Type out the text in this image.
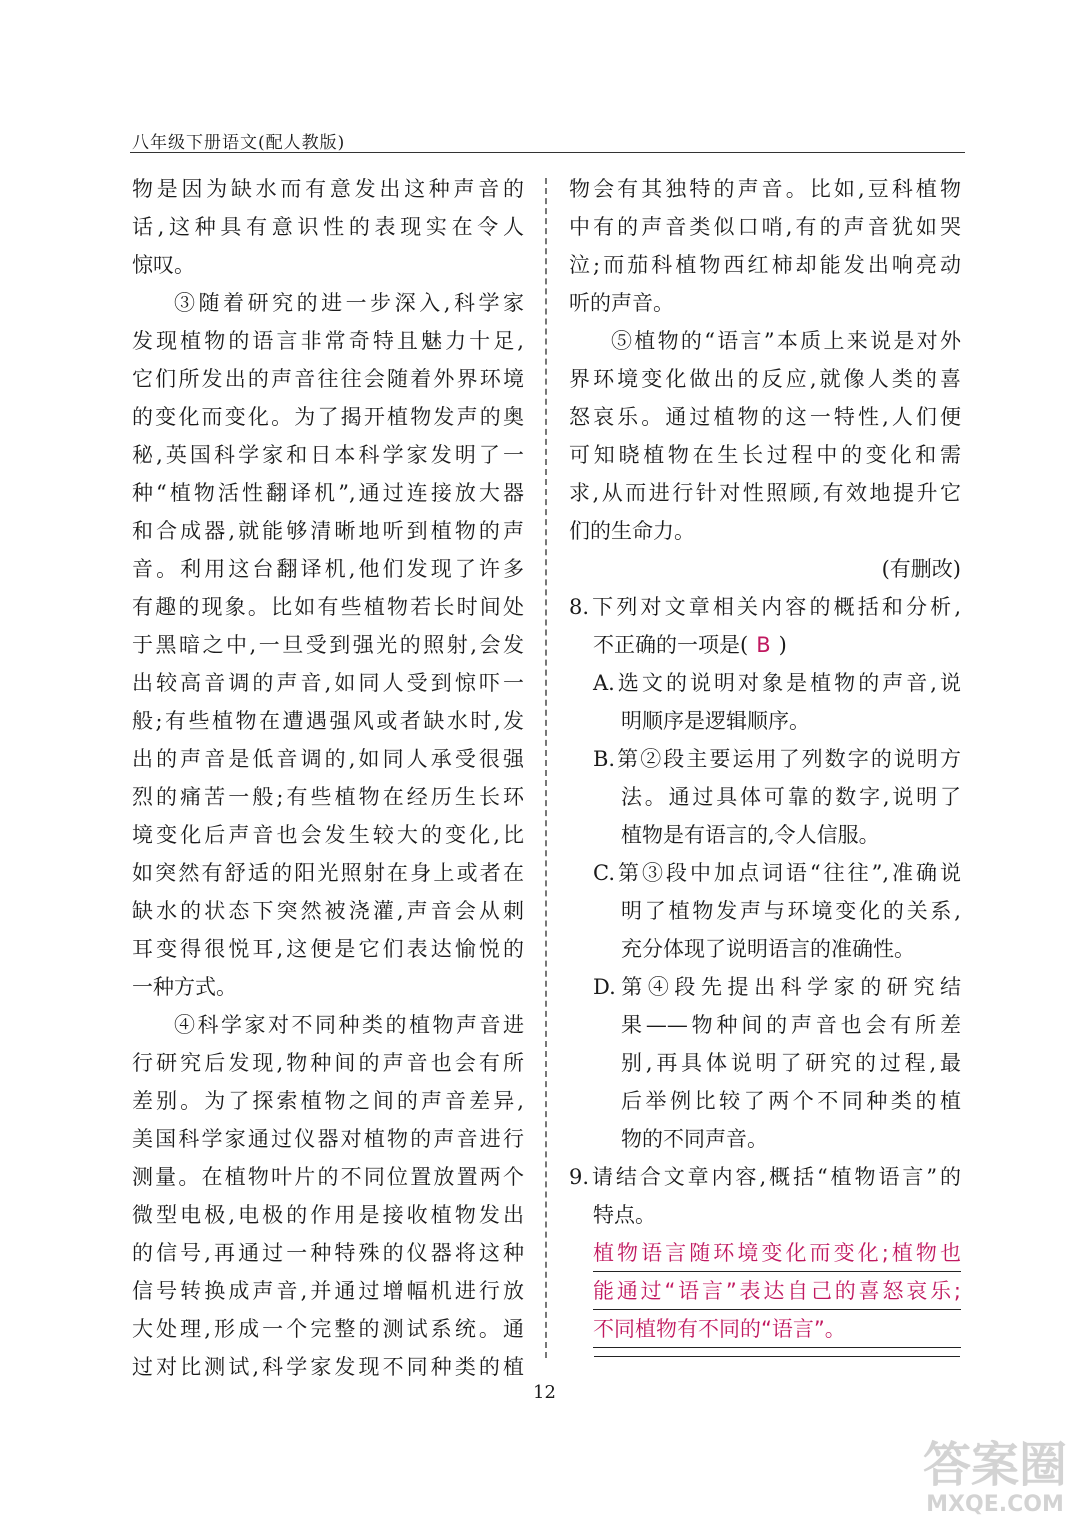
八年级下册语文(配人教版)
物是因为缺水而有意发出这种声音的
话,这种具有意识性的表现实在令人
惊叹。
③随着研究的进一步深入,科学家
发现植物的语言非常奇特且魅力十足,
它们所发出的声音往往会随着外界环境
的变化而变化。为了揭开植物发声的奥
秘,英国科学家和日本科学家发明了一
种“植物活性翻译机”,通过连接放大器
和合成器,就能够清晰地听到植物的声
音。利用这台翻译机,他们发现了许多
有趣的现象。比如有些植物若长时间处
于黑暗之中,一旦受到强光的照射,会发
出较高音调的声音,如同人受到惊吓一
般;有些植物在遭遇强风或者缺水时,发
出的声音是低音调的,如同人承受很强
烈的痛苦一般;有些植物在经历生长环
境变化后声音也会发生较大的变化,比
如突然有舒适的阳光照射在身上或者在
缺水的状态下突然被浇灌,声音会从刺
耳变得很悦耳,这便是它们表达愉悦的
一种方式。
④科学家对不同种类的植物声音进
行研究后发现,物种间的声音也会有所
差别。为了探索植物之间的声音差异,
美国科学家通过仪器对植物的声音进行
测量。在植物叶片的不同位置放置两个
微型电极,电极的作用是接收植物发出
的信号,再通过一种特殊的仪器将这种
信号转换成声音,并通过增幅机进行放
大处理,形成一个完整的测试系统。通
过对比测试,科学家发现不同种类的植
物会有其独特的声音。比如,豆科植物
中有的声音类似口哨,有的声音犹如哭
泣;而茄科植物西红柿却能发出响亮动
听的声音。
⑤植物的“语言”本质上来说是对外
界环境变化做出的反应,就像人类的喜
怒哀乐。通过植物的这一特性,人们便
可知晓植物在生长过程中的变化和需
求,从而进行针对性照顾,有效地提升它
们的生命力。
(有删改)
8.下列对文章相关内容的概括和分析,
不正确的一项是( B )
A.选文的说明对象是植物的声音,说
明顺序是逻辑顺序。
B.第②段主要运用了列数字的说明方
法。通过具体可靠的数字,说明了
植物是有语言的,令人信服。
C.第③段中加点词语“往往”,准确说
明了植物发声与环境变化的关系,
充分体现了说明语言的准确性。
D.第④段先提出科学家的研究结
果——物种间的声音也会有所差
别,再具体说明了研究的过程,最
后举例比较了两个不同种类的植
物的不同声音。
9.请结合文章内容,概括“植物语言”的
特点。
植物语言随环境变化而变化;植物也
能通过“语言”表达自己的喜怒哀乐;
不同植物有不同的“语言”。
12
答案圈
MXQE.COM
